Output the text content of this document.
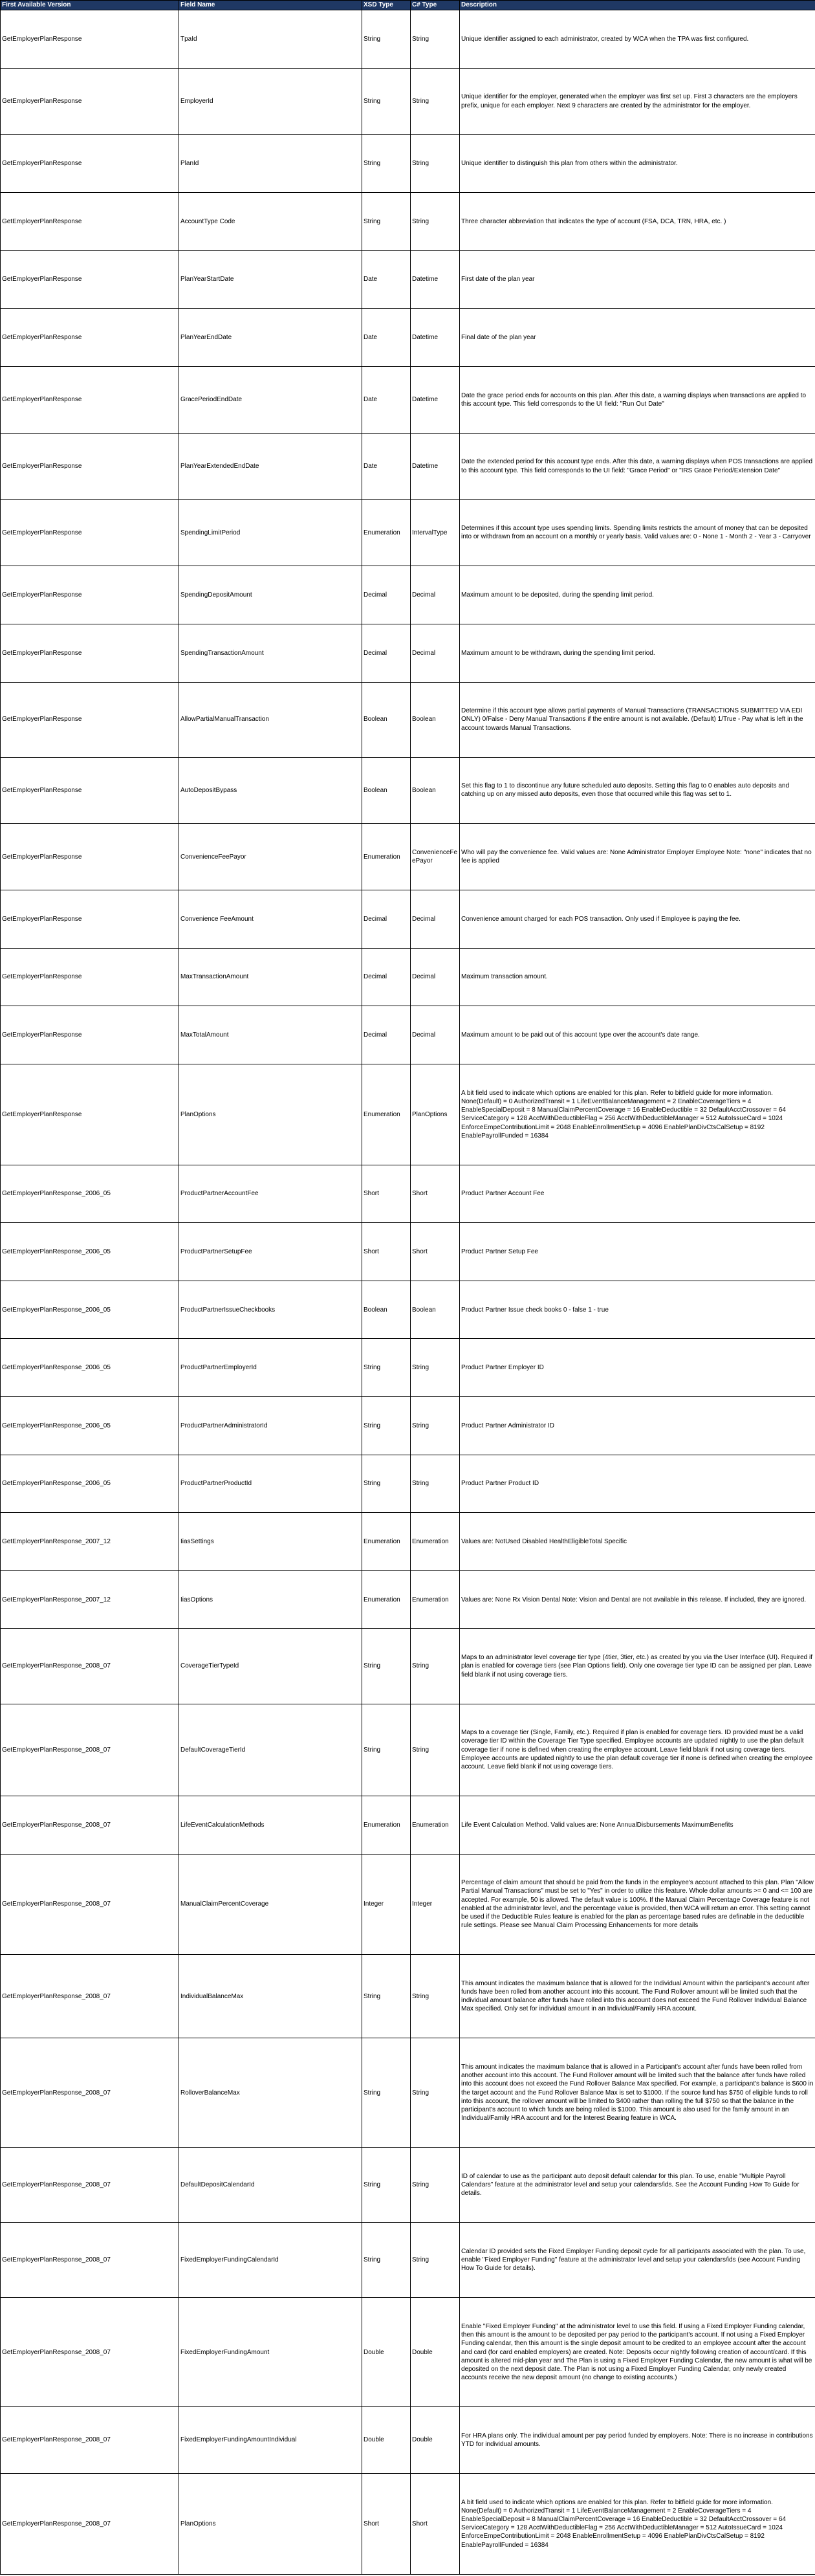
First Available Version	Field Name	XSD Type	C# Type	Description
GetEmployerPlanResponse	TpaId	String	String	Unique identifier assigned to each administrator, created by WCA when the TPA was first configured.
GetEmployerPlanResponse	EmployerId	String	String	Unique identifier for the employer, generated when the employer was first set up. First 3 characters are the employers prefix, unique for each employer. Next 9 characters are created by the administrator for the employer.
GetEmployerPlanResponse	PlanId	String	String	Unique identifier to distinguish this plan from others within the administrator.
GetEmployerPlanResponse	AccountType Code	String	String	Three character abbreviation that indicates the type of account (FSA, DCA, TRN, HRA, etc. )
GetEmployerPlanResponse	PlanYearStartDate	Date	Datetime	First date of the plan year
GetEmployerPlanResponse	PlanYearEndDate	Date	Datetime	Final date of the plan year
GetEmployerPlanResponse	GracePeriodEndDate	Date	Datetime	Date the grace period ends for accounts on this plan. After this date, a warning displays when transactions are applied to this account type. This field corresponds to the UI field: "Run Out Date"
GetEmployerPlanResponse	PlanYearExtendedEndDate	Date	Datetime	Date the extended period for this account type ends. After this date, a warning displays when POS transactions are applied to this account type. This field corresponds to the UI field: "Grace Period" or "IRS Grace Period/Extension Date"
GetEmployerPlanResponse	SpendingLimitPeriod	Enumeration	IntervalType	Determines if this account type uses spending limits. Spending limits restricts the amount of money that can be deposited into or withdrawn from an account on a monthly or yearly basis. Valid values are: 0 - None 1 - Month 2 - Year 3 - Carryover
GetEmployerPlanResponse	SpendingDepositAmount	Decimal	Decimal	Maximum amount to be deposited, during the spending limit period.
GetEmployerPlanResponse	SpendingTransactionAmount	Decimal	Decimal	Maximum amount to be withdrawn, during the spending limit period.
GetEmployerPlanResponse	AllowPartialManualTransaction	Boolean	Boolean	Determine if this account type allows partial payments of Manual Transactions (TRANSACTIONS SUBMITTED VIA EDI ONLY) 0/False - Deny Manual Transactions if the entire amount is not available. (Default) 1/True - Pay what is left in the account towards Manual Transactions.
GetEmployerPlanResponse	AutoDepositBypass	Boolean	Boolean	Set this flag to 1 to discontinue any future scheduled auto deposits. Setting this flag to 0 enables auto deposits and catching up on any missed auto deposits, even those that occurred while this flag was set to 1.
GetEmployerPlanResponse	ConvenienceFeePayor	Enumeration	ConvenienceFeePayor	Who will pay the convenience fee. Valid values are: None Administrator Employer Employee Note: "none" indicates that no fee is applied
GetEmployerPlanResponse	Convenience FeeAmount	Decimal	Decimal	Convenience amount charged for each POS transaction. Only used if Employee is paying the fee.
GetEmployerPlanResponse	MaxTransactionAmount	Decimal	Decimal	Maximum transaction amount.
GetEmployerPlanResponse	MaxTotalAmount	Decimal	Decimal	Maximum amount to be paid out of this account type over the account's date range.
GetEmployerPlanResponse	PlanOptions	Enumeration	PlanOptions	A bit field used to indicate which options are enabled for this plan. Refer to bitfield guide for more information. None(Default) = 0 AuthorizedTransit = 1 LifeEventBalanceManagement = 2 EnableCoverageTiers = 4 EnableSpecialDeposit = 8 ManualClaimPercentCoverage = 16 EnableDeductible = 32 DefaultAcctCrossover = 64 ServiceCategory = 128 AcctWithDeductibleFlag = 256 AcctWithDeductibleManager = 512 AutoIssueCard = 1024 EnforceEmpeContributionLimit = 2048 EnableEnrollmentSetup = 4096 EnablePlanDivCtsCalSetup = 8192 EnablePayrollFunded = 16384
GetEmployerPlanResponse_2006_05	ProductPartnerAccountFee	Short	Short	Product Partner Account Fee
GetEmployerPlanResponse_2006_05	ProductPartnerSetupFee	Short	Short	Product Partner Setup Fee
GetEmployerPlanResponse_2006_05	ProductPartnerIssueCheckbooks	Boolean	Boolean	Product Partner Issue check books 0 - false 1 - true
GetEmployerPlanResponse_2006_05	ProductPartnerEmployerId	String	String	Product Partner Employer ID
GetEmployerPlanResponse_2006_05	ProductPartnerAdministratorId	String	String	Product Partner Administrator ID
GetEmployerPlanResponse_2006_05	ProductPartnerProductId	String	String	Product Partner Product ID
GetEmployerPlanResponse_2007_12	IiasSettings	Enumeration	Enumeration	Values are: NotUsed Disabled HealthEligibleTotal Specific
GetEmployerPlanResponse_2007_12	IiasOptions	Enumeration	Enumeration	Values are: None Rx Vision Dental Note: Vision and Dental are not available in this release. If included, they are ignored.
GetEmployerPlanResponse_2008_07	CoverageTierTypeId	String	String	Maps to an administrator level coverage tier type (4tier, 3tier, etc.) as created by you via the User Interface (UI). Required if plan is enabled for coverage tiers (see Plan Options field). Only one coverage tier type ID can be assigned per plan. Leave field blank if not using coverage tiers.
GetEmployerPlanResponse_2008_07	DefaultCoverageTierId	String	String	Maps to a coverage tier (Single, Family, etc.). Required if plan is enabled for coverage tiers. ID provided must be a valid coverage tier ID within the Coverage Tier Type specified. Employee accounts are updated nightly to use the plan default coverage tier if none is defined when creating the employee account. Leave field blank if not using coverage tiers. Employee accounts are updated nightly to use the plan default coverage tier if none is defined when creating the employee account. Leave field blank if not using coverage tiers.
GetEmployerPlanResponse_2008_07	LifeEventCalculationMethods	Enumeration	Enumeration	Life Event Calculation Method. Valid values are: None AnnualDisbursements MaximumBenefits
GetEmployerPlanResponse_2008_07	ManualClaimPercentCoverage	Integer	Integer	Percentage of claim amount that should be paid from the funds in the employee's account attached to this plan. Plan "Allow Partial Manual Transactions" must be set to "Yes" in order to utilize this feature. Whole dollar amounts >= 0 and <= 100 are accepted. For example, 50 is allowed. The default value is 100%. If the Manual Claim Percentage Coverage feature is not enabled at the administrator level, and the percentage value is provided, then WCA will return an error. This setting cannot be used if the Deductible Rules feature is enabled for the plan as percentage based rules are definable in the deductible rule settings. Please see Manual Claim Processing Enhancements for more details
GetEmployerPlanResponse_2008_07	IndividualBalanceMax	String	String	This amount indicates the maximum balance that is allowed for the Individual Amount within the participant's account after funds have been rolled from another account into this account. The Fund Rollover amount will be limited such that the individual amount balance after funds have rolled into this account does not exceed the Fund Rollover Individual Balance Max specified. Only set for individual amount in an Individual/Family HRA account.
GetEmployerPlanResponse_2008_07	RolloverBalanceMax	String	String	This amount indicates the maximum balance that is allowed in a Participant's account after funds have been rolled from another account into this account. The Fund Rollover amount will be limited such that the balance after funds have rolled into this account does not exceed the Fund Rollover Balance Max specified. For example, a participant's balance is $600 in the target account and the Fund Rollover Balance Max is set to $1000. If the source fund has $750 of eligible funds to roll into this account, the rollover amount will be limited to $400 rather than rolling the full $750 so that the balance in the participant's account to which funds are being rolled is $1000. This amount is also used for the family amount in an Individual/Family HRA account and for the Interest Bearing feature in WCA.
GetEmployerPlanResponse_2008_07	DefaultDepositCalendarId	String	String	ID of calendar to use as the participant auto deposit default calendar for this plan. To use, enable "Multiple Payroll Calendars" feature at the administrator level and setup your calendars/ids. See the Account Funding How To Guide for details.
GetEmployerPlanResponse_2008_07	FixedEmployerFundingCalendarId	String	String	Calendar ID provided sets the Fixed Employer Funding deposit cycle for all participants associated with the plan. To use, enable "Fixed Employer Funding" feature at the administrator level and setup your calendars/ids (see Account Funding How To Guide for details).
GetEmployerPlanResponse_2008_07	FixedEmployerFundingAmount	Double	Double	Enable "Fixed Employer Funding" at the administrator level to use this field. If using a Fixed Employer Funding calendar, then this amount is the amount to be deposited per pay period to the participant's account. If not using a Fixed Employer Funding calendar, then this amount is the single deposit amount to be credited to an employee account after the account and card (for card enabled employers) are created. Note: Deposits occur nightly following creation of account/card. If this amount is altered mid-plan year and The Plan is using a Fixed Employer Funding Calendar, the new amount is what will be deposited on the next deposit date. The Plan is not using a Fixed Employer Funding Calendar, only newly created accounts receive the new deposit amount (no change to existing accounts.)
GetEmployerPlanResponse_2008_07	FixedEmployerFundingAmountIndividual	Double	Double	For HRA plans only. The individual amount per pay period funded by employers. Note: There is no increase in contributions YTD for individual amounts.
GetEmployerPlanResponse_2008_07	PlanOptions	Short	Short	A bit field used to indicate which options are enabled for this plan. Refer to bitfield guide for more information. None(Default) = 0 AuthorizedTransit = 1 LifeEventBalanceManagement = 2 EnableCoverageTiers = 4 EnableSpecialDeposit = 8 ManualClaimPercentCoverage = 16 EnableDeductible = 32 DefaultAcctCrossover = 64 ServiceCategory = 128 AcctWithDeductibleFlag = 256 AcctWithDeductibleManager = 512 AutoIssueCard = 1024 EnforceEmpeContributionLimit = 2048 EnableEnrollmentSetup = 4096 EnablePlanDivCtsCalSetup = 8192 EnablePayrollFunded = 16384
